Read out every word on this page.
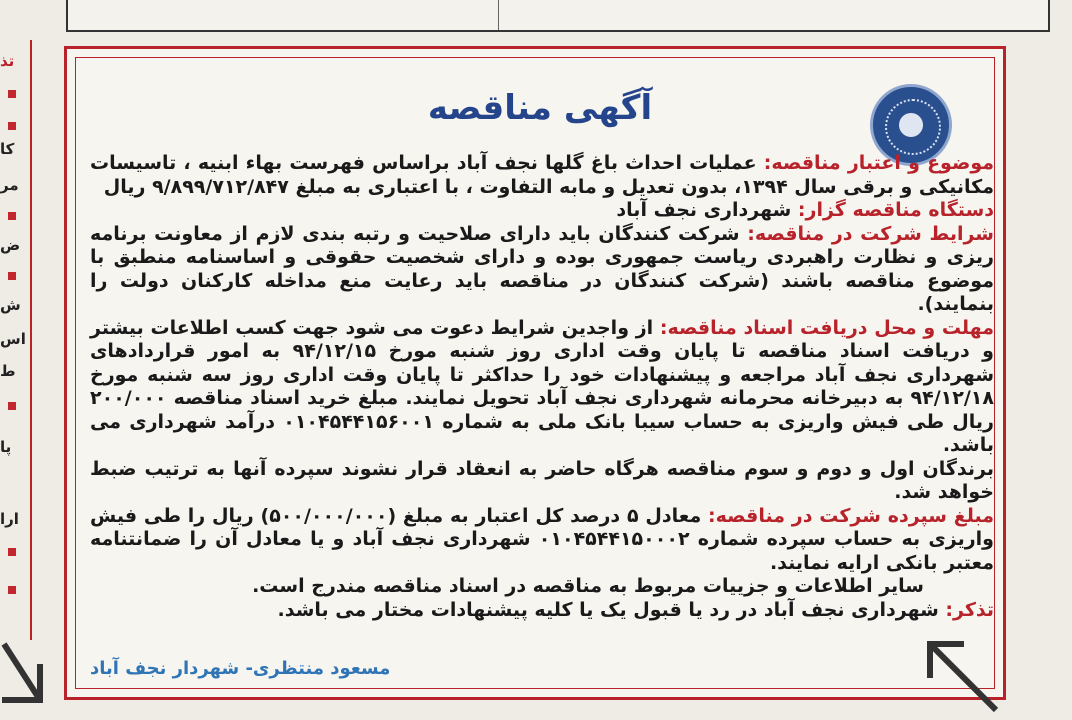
تذ
کا
مر
ض
ش
اس
ط
پا
ارا
آگهی مناقصه

موضوع و اعتبار مناقصه: عملیات احداث باغ گلها نجف آباد براساس فهرست بهاء ابنیه ، تاسیسات مکانیکی و برقی سال ۱۳۹۴، بدون تعدیل و مابه التفاوت ، با اعتباری به مبلغ ۹/۸۹۹/۷۱۲/۸۴۷ ریال

دستگاه مناقصه گزار: شهرداری نجف آباد

شرایط شرکت در مناقصه: شرکت کنندگان باید دارای صلاحیت و رتبه بندی لازم از معاونت برنامه ریزی و نظارت راهبردی ریاست جمهوری بوده و دارای شخصیت حقوقی و اساسنامه منطبق با موضوع مناقصه باشند (شرکت کنندگان در مناقصه باید رعایت منع مداخله کارکنان دولت را بنمایند).

مهلت و محل دریافت اسناد مناقصه: از واجدین شرایط دعوت می شود جهت کسب اطلاعات بیشتر و دریافت اسناد مناقصه تا پایان وقت اداری روز شنبه مورخ ۹۴/۱۲/۱۵ به امور قراردادهای شهرداری نجف آباد مراجعه و پیشنهادات خود را حداکثر تا پایان وقت اداری روز سه شنبه مورخ ۹۴/۱۲/۱۸ به دبیرخانه محرمانه شهرداری نجف آباد تحویل نمایند. مبلغ خرید اسناد مناقصه ۲۰۰/۰۰۰ ریال طی فیش واریزی به حساب سیبا بانک ملی به شماره ۰۱۰۴۵۴۴۱۵۶۰۰۱ درآمد شهرداری می باشد.

برندگان اول و دوم و سوم مناقصه هرگاه حاضر به انعقاد قرار نشوند سپرده آنها به ترتیب ضبط خواهد شد.

مبلغ سپرده شرکت در مناقصه: معادل ۵ درصد کل اعتبار به مبلغ (۵۰۰/۰۰۰/۰۰۰) ریال را طی فیش واریزی به حساب سپرده شماره ۰۱۰۴۵۴۴۱۵۰۰۰۲ شهرداری نجف آباد و یا معادل آن را ضمانتنامه معتبر بانکی ارایه نمایند.

سایر اطلاعات و جزییات مربوط به مناقصه در اسناد مناقصه مندرج است.

تذکر: شهرداری نجف آباد در رد یا قبول یک یا کلیه پیشنهادات مختار می باشد.

مسعود منتظری- شهردار نجف آباد
